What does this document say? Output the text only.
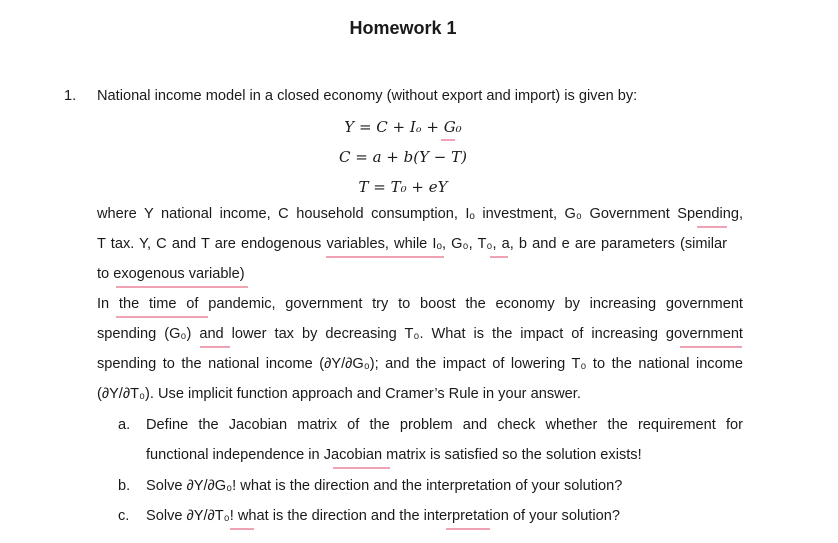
Homework 1
1. National income model in a closed economy (without export and import) is given by:
Y = C + Iₒ + G₀
C = a + b(Y − T)
T = T₀ + eY
where Y national income, C household consumption, Iₒ investment, G₀ Government Spending,
T tax. Y, C and T are endogenous variables, while Iₒ, G₀, T₀, a, b and e are parameters (similar
to exogenous variable)
In the time of pandemic, government try to boost the economy by increasing government
spending (G₀) and lower tax by decreasing T₀. What is the impact of increasing government
spending to the national income (∂Y/∂G₀); and the impact of lowering T₀ to the national income
(∂Y/∂T₀). Use implicit function approach and Cramer’s Rule in your answer.
a. Define the Jacobian matrix of the problem and check whether the requirement for
functional independence in Jacobian matrix is satisfied so the solution exists!
b. Solve ∂Y/∂G₀! what is the direction and the interpretation of your solution?
c. Solve ∂Y/∂T₀! what is the direction and the interpretation of your solution?
